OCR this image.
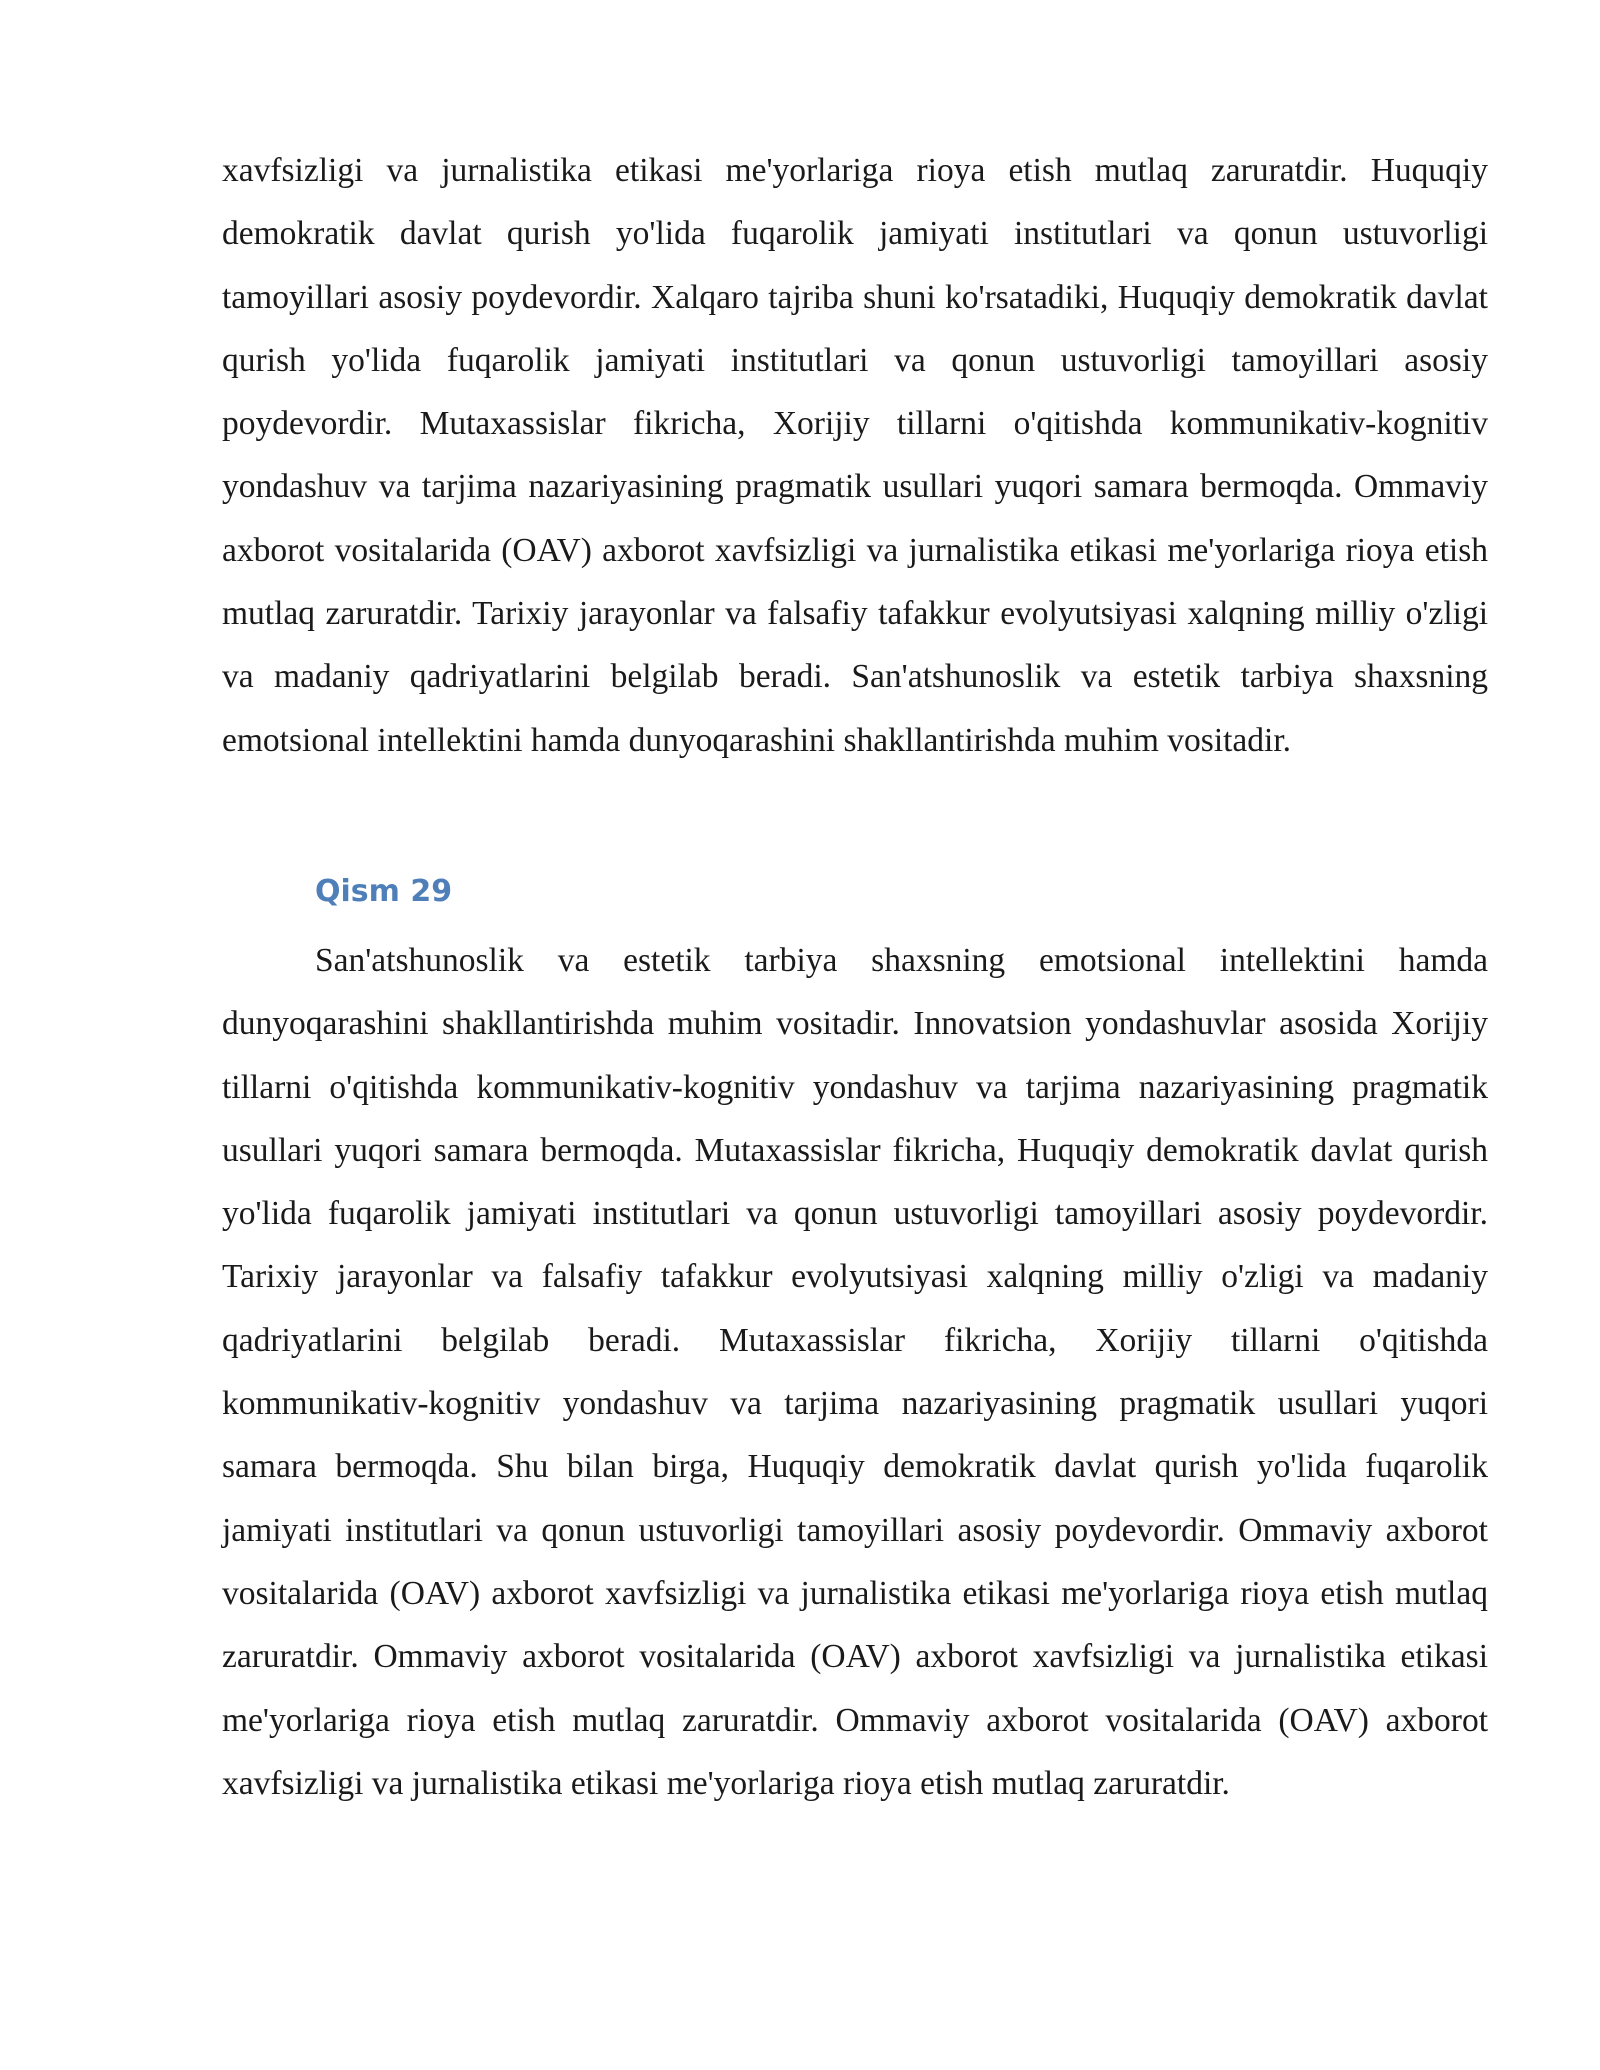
xavfsizligi va jurnalistika etikasi me'yorlariga rioya etish mutlaq zaruratdir. Huquqiy demokratik davlat qurish yo'lida fuqarolik jamiyati institutlari va qonun ustuvorligi tamoyillari asosiy poydevordir. Xalqaro tajriba shuni ko'rsatadiki, Huquqiy demokratik davlat qurish yo'lida fuqarolik jamiyati institutlari va qonun ustuvorligi tamoyillari asosiy poydevordir. Mutaxassislar fikricha, Xorijiy tillarni o'qitishda kommunikativ-kognitiv yondashuv va tarjima nazariyasining pragmatik usullari yuqori samara bermoqda. Ommaviy axborot vositalarida (OAV) axborot xavfsizligi va jurnalistika etikasi me'yorlariga rioya etish mutlaq zaruratdir. Tarixiy jarayonlar va falsafiy tafakkur evolyutsiyasi xalqning milliy o'zligi va madaniy qadriyatlarini belgilab beradi. San'atshunoslik va estetik tarbiya shaxsning emotsional intellektini hamda dunyoqarashini shakllantirishda muhim vositadir.

Qism 29

San'atshunoslik va estetik tarbiya shaxsning emotsional intellektini hamda dunyoqarashini shakllantirishda muhim vositadir. Innovatsion yondashuvlar asosida Xorijiy tillarni o'qitishda kommunikativ-kognitiv yondashuv va tarjima nazariyasining pragmatik usullari yuqori samara bermoqda. Mutaxassislar fikricha, Huquqiy demokratik davlat qurish yo'lida fuqarolik jamiyati institutlari va qonun ustuvorligi tamoyillari asosiy poydevordir. Tarixiy jarayonlar va falsafiy tafakkur evolyutsiyasi xalqning milliy o'zligi va madaniy qadriyatlarini belgilab beradi. Mutaxassislar fikricha, Xorijiy tillarni o'qitishda kommunikativ-kognitiv yondashuv va tarjima nazariyasining pragmatik usullari yuqori samara bermoqda. Shu bilan birga, Huquqiy demokratik davlat qurish yo'lida fuqarolik jamiyati institutlari va qonun ustuvorligi tamoyillari asosiy poydevordir. Ommaviy axborot vositalarida (OAV) axborot xavfsizligi va jurnalistika etikasi me'yorlariga rioya etish mutlaq zaruratdir. Ommaviy axborot vositalarida (OAV) axborot xavfsizligi va jurnalistika etikasi me'yorlariga rioya etish mutlaq zaruratdir. Ommaviy axborot vositalarida (OAV) axborot xavfsizligi va jurnalistika etikasi me'yorlariga rioya etish mutlaq zaruratdir.
